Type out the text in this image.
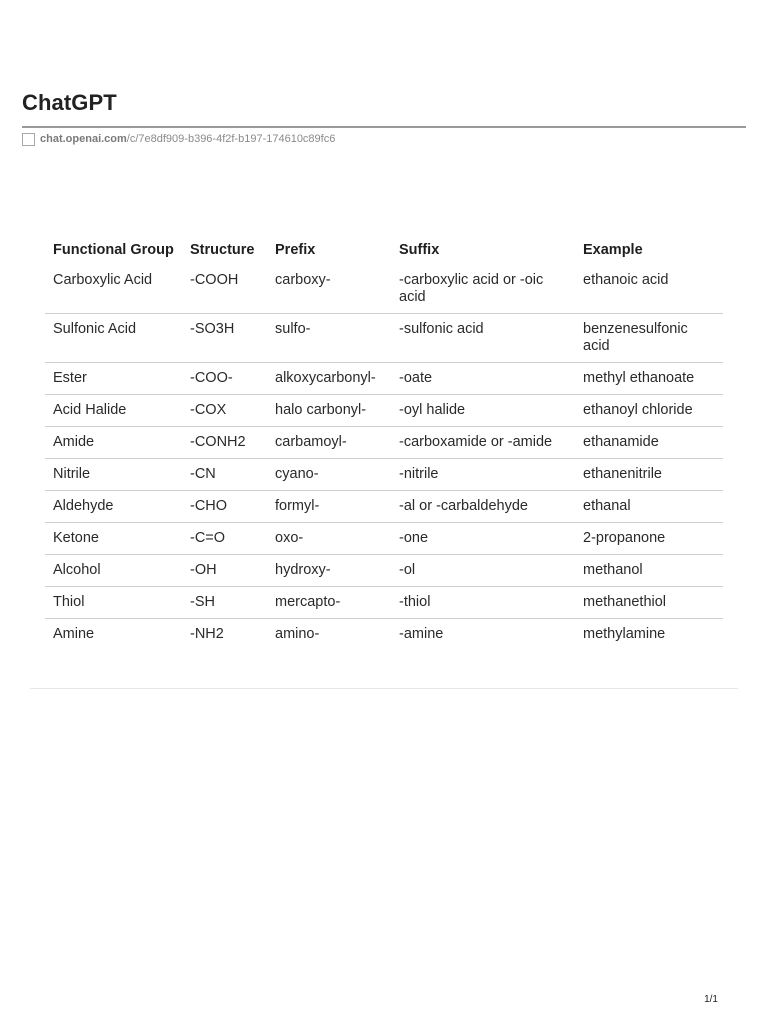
ChatGPT
chat.openai.com /c/7e8df909-b396-4f2f-b197-174610c89fc6
Functional Group	Structure	Prefix	Suffix	Example
Carboxylic Acid	-COOH	carboxy-	-carboxylic acid or -oic acid	ethanoic acid
Sulfonic Acid	-SO3H	sulfo-	-sulfonic acid	benzenesulfonic acid
Ester	-COO-	alkoxycarbonyl-	-oate	methyl ethanoate
Acid Halide	-COX	halo carbonyl-	-oyl halide	ethanoyl chloride
Amide	-CONH2	carbamoyl-	-carboxamide or -amide	ethanamide
Nitrile	-CN	cyano-	-nitrile	ethanenitrile
Aldehyde	-CHO	formyl-	-al or -carbaldehyde	ethanal
Ketone	-C=O	oxo-	-one	2-propanone
Alcohol	-OH	hydroxy-	-ol	methanol
Thiol	-SH	mercapto-	-thiol	methanethiol
Amine	-NH2	amino-	-amine	methylamine
1/1
